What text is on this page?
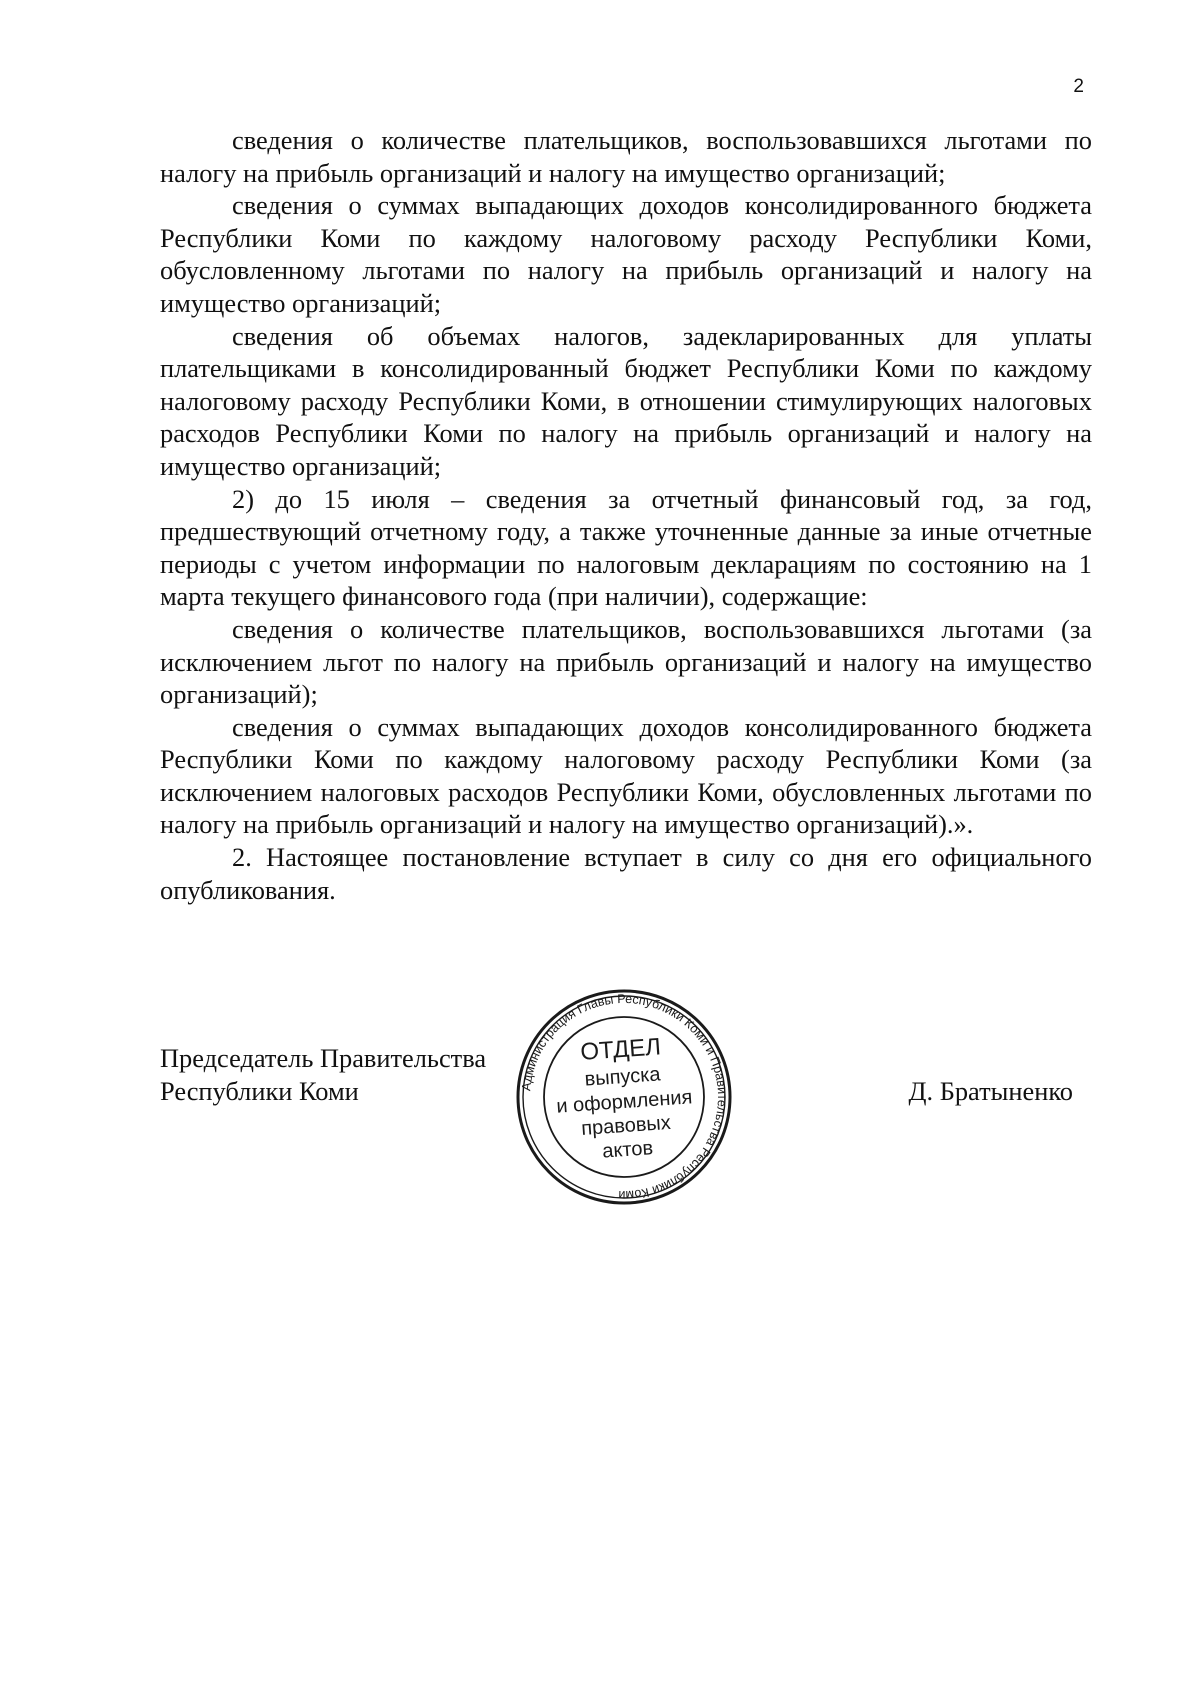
2

сведения о количестве плательщиков, воспользовавшихся льготами по налогу на прибыль организаций и налогу на имущество организаций;

сведения о суммах выпадающих доходов консолидированного бюджета Республики Коми по каждому налоговому расходу Республики Коми, обусловленному льготами по налогу на прибыль организаций и налогу на имущество организаций;

сведения об объемах налогов, задекларированных для уплаты плательщиками в консолидированный бюджет Республики Коми по каждому налоговому расходу Республики Коми, в отношении стимулирующих налоговых расходов Республики Коми по налогу на прибыль организаций и налогу на имущество организаций;

2) до 15 июля – сведения за отчетный финансовый год, за год, предшествующий отчетному году, а также уточненные данные за иные отчетные периоды с учетом информации по налоговым декларациям по состоянию на 1 марта текущего финансового года (при наличии), содержащие:

сведения о количестве плательщиков, воспользовавшихся льготами (за исключением льгот по налогу на прибыль организаций и налогу на имущество организаций);

сведения о суммах выпадающих доходов консолидированного бюджета Республики Коми по каждому налоговому расходу Республики Коми (за исключением налоговых расходов Республики Коми, обусловленных льготами по налогу на прибыль организаций и налогу на имущество организаций).».

2. Настоящее постановление вступает в силу со дня его официального опубликования.

Председатель Правительства
Республики Коми	Администрация Главы Республики Коми и Правительства Республики Коми
ОТДЕЛ
выпуска
и оформления
правовых
актов
Д. Братыненко
